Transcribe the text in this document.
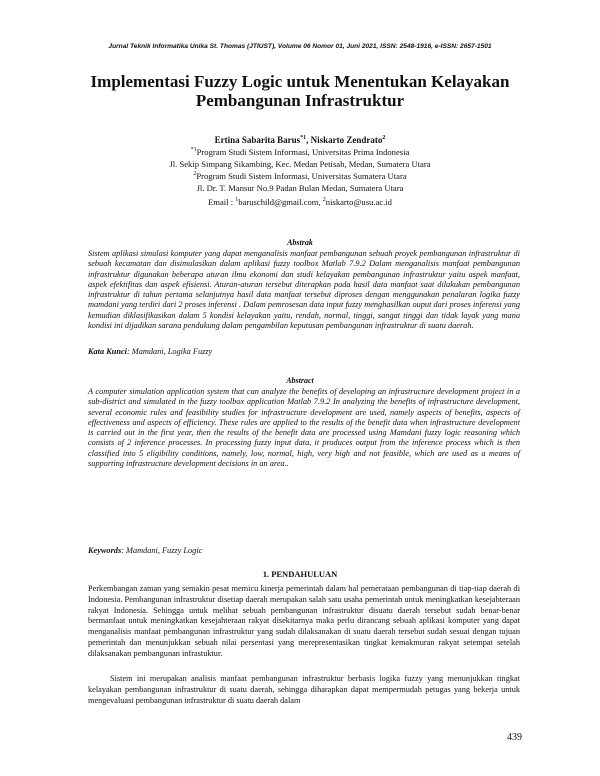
Jurnal Teknik Informatika Unika St. Thomas (JTIUST), Volume 06 Nomor 01, Juni 2021, ISSN: 2548-1916, e-ISSN: 2657-1501
Implementasi Fuzzy Logic untuk Menentukan Kelayakan
Pembangunan Infrastruktur
Ertina Sabarita Barus$^{*1}$, Niskarto Zendrato$^2$
$^{*1}$Program Studi Sistem Informasi, Universitas Prima Indonesia
Jl. Sekip Simpang Sikambing, Kec. Medan Petisah, Medan, Sumatera Utara
$^2$Program Studi Sistem Informasi, Universitas Sumatera Utara
Jl. Dr. T. Mansur No.9 Padan Bulan Medan, Sumatera Utara
Email : $^1$baruschild@gmail.com, $^2$niskarto@usu.ac.id
Abstrak

Sistem aplikasi simulasi komputer yang dapat menganalisis manfaat pembangunan sebuah proyek pembangunan infrastruktur di sebuah kecamatan dan disimulasikan dalam aplikasi fuzzy toolbox Matlab 7.9.2 Dalam menganalisis manfaat pembangunan infrastruktur digunakan beberapa aturan ilmu ekonomi dan studi kelayakan pembangunan infrastruktur yaitu aspek manfaat, aspek efektifitas dan aspek efisiensi. Aturan-aturan tersebut diterapkan pada hasil data manfaat saat dilakukan pembangunan infrastruktur di tahun pertama selanjutnya hasil data manfaat tersebut diproses dengan menggunakan penalaran logika fuzzy mamdani yang terdiri dari 2 proses inferensi . Dalam pemrosesan data input fuzzy menghasilkan ouput dari proses inferensi yang kemudian diklasifikasikan dalam 5 kondisi kelayakan yaitu, rendah, normal, tinggi, sangat tinggi dan tidak layak yang mana kondisi ini dijadikan sarana pendukung dalam pengambilan keputusan pembangunan infrastruktur di suatu daerah.

Kata Kunci: Mamdani, Logika Fuzzy
Abstract

A computer simulation application system that can analyze the benefits of developing an infrastructure development project in a sub-district and simulated in the fuzzy toolbox application Matlab 7.9.2 In analyzing the benefits of infrastructure development, several economic rules and feasibility studies for infrastructure development are used, namely aspects of benefits, aspects of effectiveness and aspects of efficiency. These rules are applied to the results of the benefit data when infrastructure development is carried out in the first year, then the results of the benefit data are processed using Mamdani fuzzy logic reasoning which consists of 2 inference processes. In processing fuzzy input data, it produces output from the inference process which is then classified into 5 eligibility conditions, namely, low, normal, high, very high and not feasible, which are used as a means of supporting infrastructure development decisions in an area..

Keywords: Mamdani, Fuzzy Logic
1. PENDAHULUAN

Perkembangan zaman yang semakin pesat memicu kinerja pemerintah dalam hal pemerataan pembangunan di tiap-tiap daerah di Indonesia. Pembangunan infrastruktur disetiap daerah merupakan salah satu usaha pemerintah untuk meningkatkan kesejahteraan rakyat Indonesia. Sehingga untuk melihat sebuah pembangunan infrastruktur disuatu daerah tersebut sudah benar-benar bermanfaat untuk meningkatkan kesejahteraan rakyat disekitarnya maka perlu dirancang sebuah aplikasi komputer yang dapat menganalisis manfaat pembangunan infrastruktur yang sudah dilaksanakan di suatu daerah tersebut sudah sesuai dengan tujuan pemerintah dan menunjukkan sebuah nilai persentasi yang merepresentasikan tingkat kemakmuran rakyat setempat setelah dilaksanakan pembangunan infrastuktur.

Sistem ini merupakan analisis manfaat pembangunan infrastruktur berbasis logika fuzzy yang menunjukkan tingkat kelayakan pembangunan infrastruktur di suatu daerah, sehingga diharapkan dapat mempermudah petugas yang bekerja untuk mengevaluasi pembangunan infrastruktur di suatu daerah dalam

439
